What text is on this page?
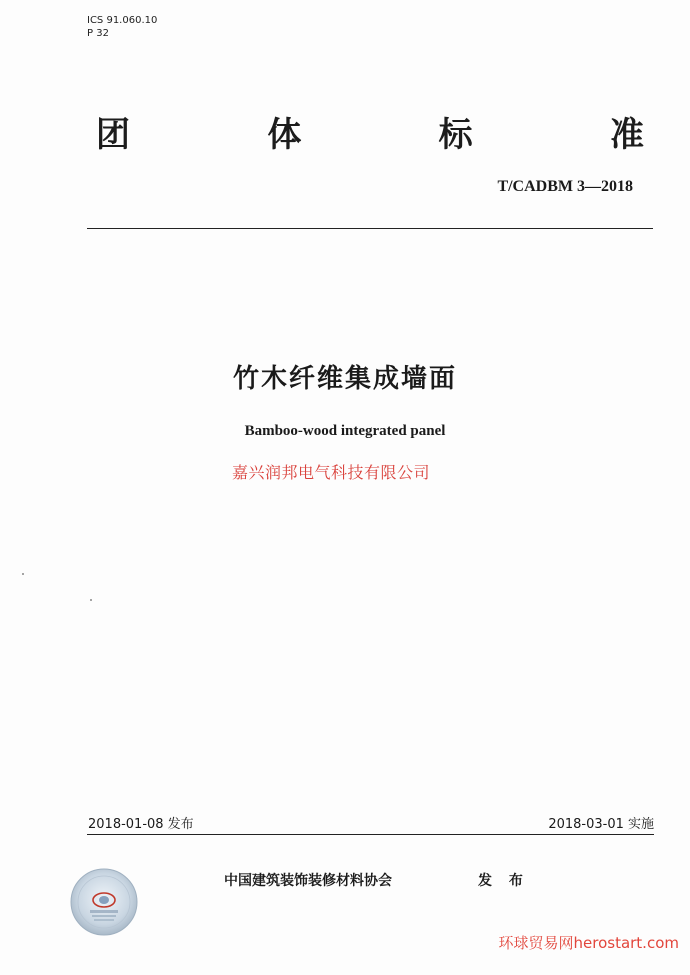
ICS 91.060.10
P 32
团	体	标	准
T/CADBM 3—2018
竹木纤维集成墙面
Bamboo-wood integrated panel
嘉兴润邦电气科技有限公司
2018-01-08 发布	2018-03-01 实施
中国建筑装饰装修材料协会	发 布
环球贸易网herostart.com
